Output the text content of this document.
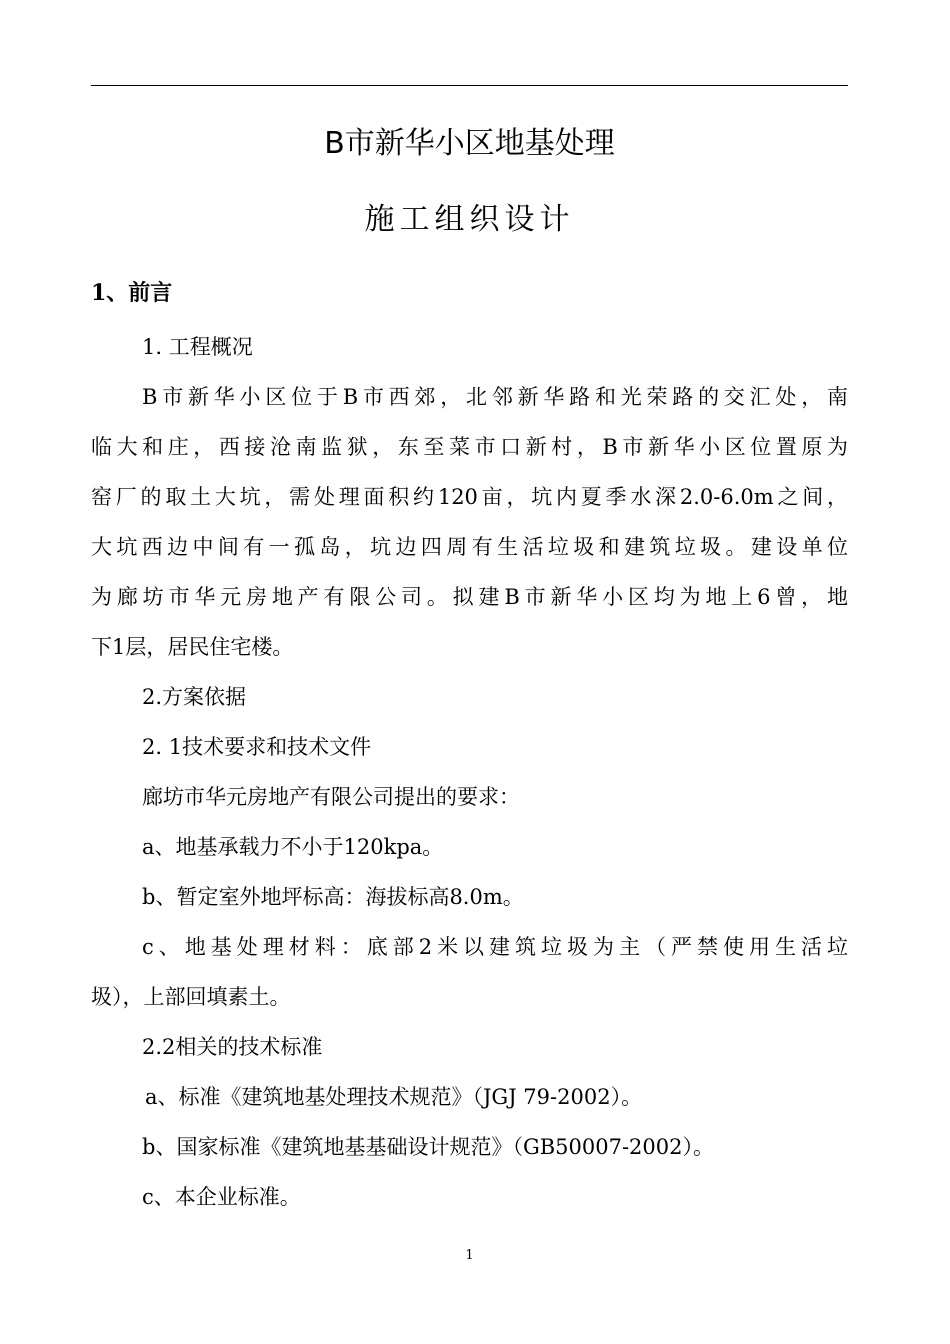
B市新华小区地基处理
施工组织设计
1、前言

1. 工程概况

B市新华小区位于B市西郊，北邻新华路和光荣路的交汇处，南

临大和庄，西接沧南监狱，东至菜市口新村，B市新华小区位置原为

窑厂的取土大坑，需处理面积约120亩，坑内夏季水深2.0-6.0m之间，

大坑西边中间有一孤岛，坑边四周有生活垃圾和建筑垃圾。建设单位

为廊坊市华元房地产有限公司。拟建B市新华小区均为地上6曾，地

下1层，居民住宅楼。

2.方案依据

2. 1技术要求和技术文件

廊坊市华元房地产有限公司提出的要求：

a、地基承载力不小于120kpa。

b、暂定室外地坪标高：海拔标高8.0m。

c、地基处理材料：底部2米以建筑垃圾为主（严禁使用生活垃

圾），上部回填素土。

2.2相关的技术标准

a、标准《建筑地基处理技术规范》（JGJ 79-2002）。

b、国家标准《建筑地基基础设计规范》（GB50007-2002）。

c、本企业标准。

1
